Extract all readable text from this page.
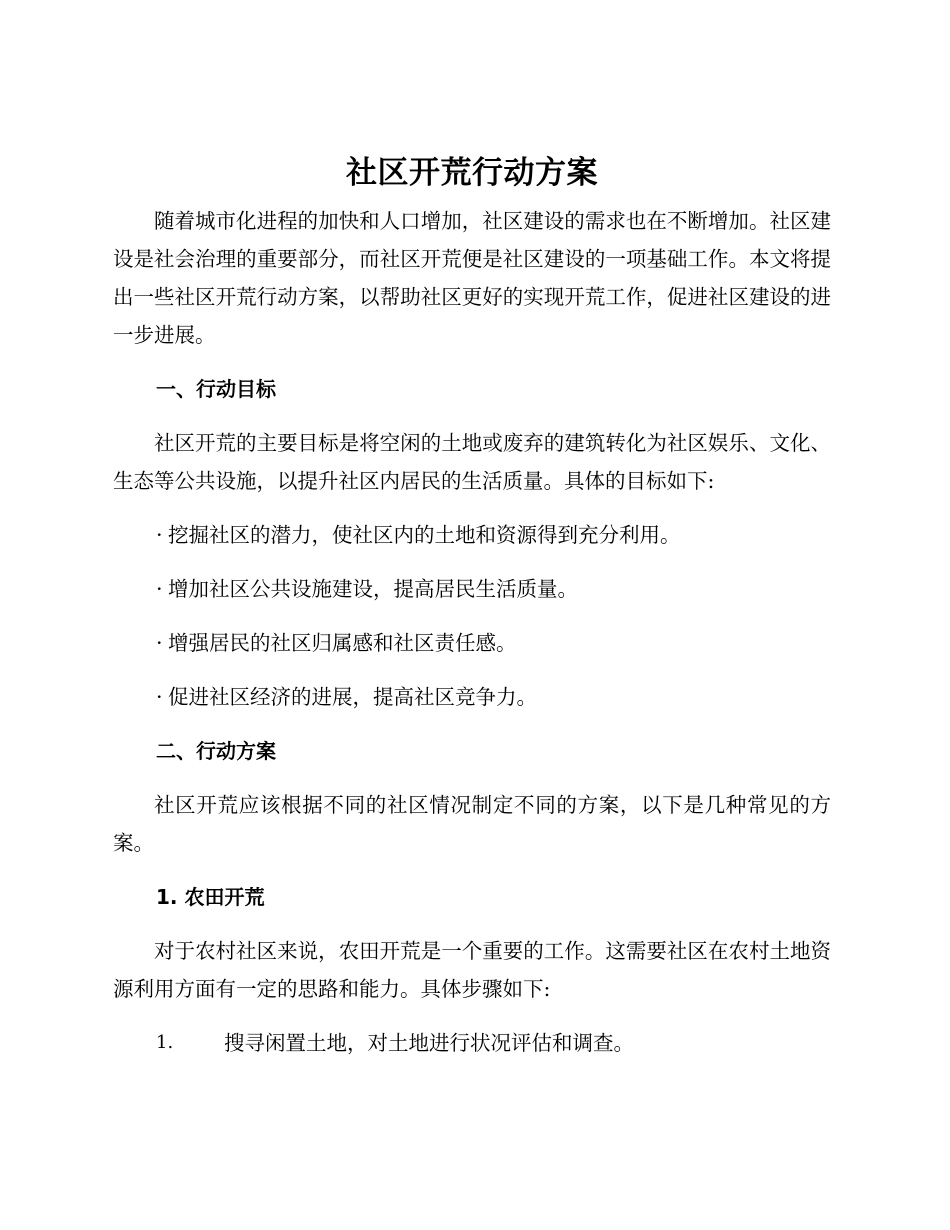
社区开荒行动方案

随着城市化进程的加快和人口增加，社区建设的需求也在不断增加。社区建设是社会治理的重要部分，而社区开荒便是社区建设的一项基础工作。本文将提出一些社区开荒行动方案，以帮助社区更好的实现开荒工作，促进社区建设的进一步进展。

一、行动目标

社区开荒的主要目标是将空闲的土地或废弃的建筑转化为社区娱乐、文化、生态等公共设施，以提升社区内居民的生活质量。具体的目标如下:

· 挖掘社区的潜力，使社区内的土地和资源得到充分利用。
· 增加社区公共设施建设，提高居民生活质量。
· 增强居民的社区归属感和社区责任感。
· 促进社区经济的进展，提高社区竞争力。
二、行动方案

社区开荒应该根据不同的社区情况制定不同的方案，以下是几种常见的方案。

1. 农田开荒

对于农村社区来说，农田开荒是一个重要的工作。这需要社区在农村土地资源利用方面有一定的思路和能力。具体步骤如下:

1.	搜寻闲置土地，对土地进行状况评估和调查。
